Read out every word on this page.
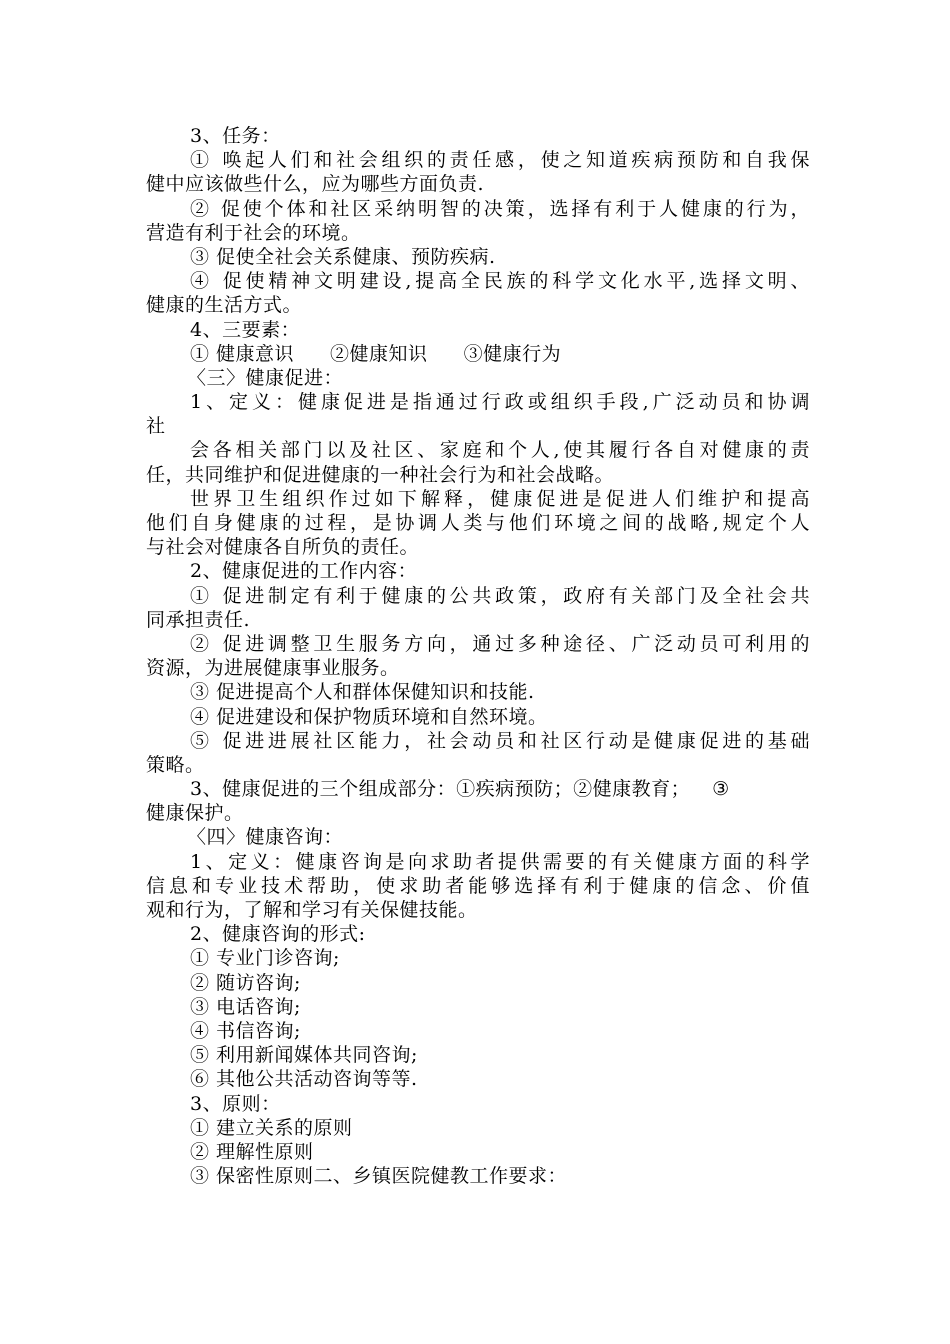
3、任务：
① 唤起人们和社会组织的责任感，使之知道疾病预防和自我保
健中应该做些什么，应为哪些方面负责.
② 促使个体和社区采纳明智的决策，选择有利于人健康的行为，
营造有利于社会的环境。
③ 促使全社会关系健康、预防疾病.
④ 促使精神文明建设,提高全民族的科学文化水平,选择文明、
健康的生活方式。
4、三要素：
① 健康意识 ②健康知识 ③健康行为
〈三〉健康促进：
1、定义：健康促进是指通过行政或组织手段,广泛动员和协调
社
会各相关部门以及社区、家庭和个人,使其履行各自对健康的责
任，共同维护和促进健康的一种社会行为和社会战略。
世界卫生组织作过如下解释，健康促进是促进人们维护和提高
他们自身健康的过程，是协调人类与他们环境之间的战略,规定个人
与社会对健康各自所负的责任。
2、健康促进的工作内容：
① 促进制定有利于健康的公共政策，政府有关部门及全社会共
同承担责任.
② 促进调整卫生服务方向，通过多种途径、广泛动员可利用的
资源，为进展健康事业服务。
③ 促进提高个人和群体保健知识和技能.
④ 促进建设和保护物质环境和自然环境。
⑤ 促进进展社区能力，社会动员和社区行动是健康促进的基础
策略。
3、健康促进的三个组成部分：①疾病预防；②健康教育； ③
健康保护。
〈四〉健康咨询：
1、定义：健康咨询是向求助者提供需要的有关健康方面的科学
信息和专业技术帮助，使求助者能够选择有利于健康的信念、价值
观和行为，了解和学习有关保健技能。
2、健康咨询的形式:
① 专业门诊咨询;
② 随访咨询;
③ 电话咨询;
④ 书信咨询;
⑤ 利用新闻媒体共同咨询;
⑥ 其他公共活动咨询等等.
3、原则：
① 建立关系的原则
② 理解性原则
③ 保密性原则二、乡镇医院健教工作要求：
